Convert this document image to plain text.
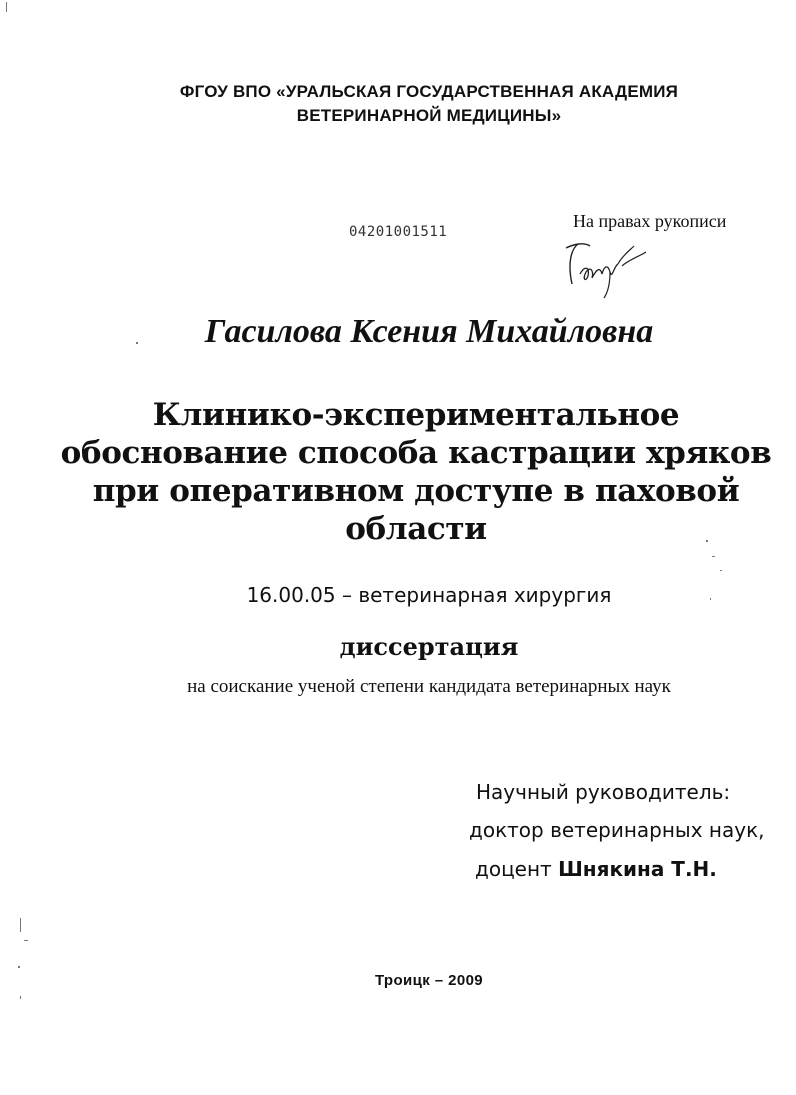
ФГОУ ВПО «УРАЛЬСКАЯ ГОСУДАРСТВЕННАЯ АКАДЕМИЯ
ВЕТЕРИНАРНОЙ МЕДИЦИНЫ»
04201001511
На правах рукописи
Гасилова Ксения Михайловна
Клинико-экспериментальное
обоснование способа кастрации хряков
при оперативном доступе в паховой
области
16.00.05 – ветеринарная хирургия
диссертация
на соискание ученой степени кандидата ветеринарных наук
Научный руководитель:
доктор ветеринарных наук,
доцент Шнякина Т.Н.
Троицк – 2009
